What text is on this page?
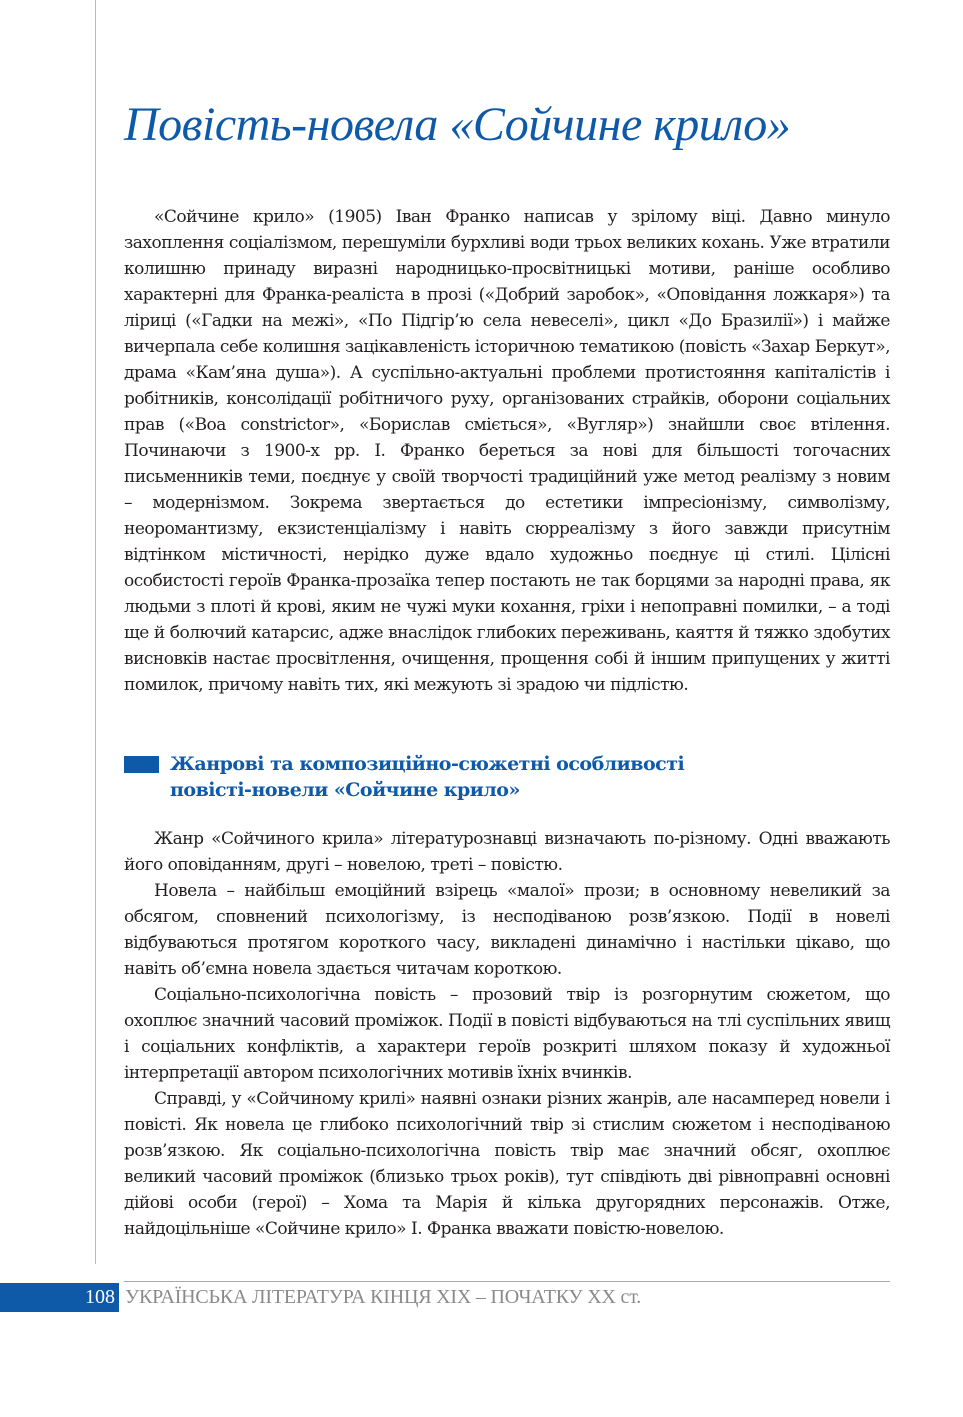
Повість-новела «Сойчине крило»

«Сойчине крило» (1905) Іван Франко написав у зрілому віці. Давно минуло захоплення соціалізмом, перешуміли бурхливі води трьох великих кохань. Уже втратили колишню принаду виразні народницько-просвітницькі мотиви, раніше особливо характерні для Франка-реаліста в прозі («Добрий заробок», «Оповідання ложкаря») та ліриці («Гадки на межі», «По Підгір’ю села невеселі», цикл «До Бразилії») і майже вичерпала себе колишня зацікавленість історичною тематикою (повість «Захар Беркут», драма «Кам’яна душа»). А суспільно-актуальні проблеми протистояння капіталістів і робітників, консолідації робітничого руху, організованих страйків, оборони соціальних прав («Boa constrictor», «Борислав сміється», «Вугляр») знайшли своє втілення. Починаючи з 1900-х рр. І. Франко береться за нові для більшості тогочасних письменників теми, поєднує у своїй творчості традиційний уже метод реалізму з новим – модернізмом. Зокрема звертається до естетики імпресіонізму, символізму, неоромантизму, екзистенціалізму і навіть сюрреалізму з його завжди присутнім відтінком містичності, нерідко дуже вдало художньо поєднує ці стилі. Цілісні особистості героїв Франка-прозаїка тепер постають не так борцями за народні права, як людьми з плоті й крові, яким не чужі муки кохання, гріхи і непоправні помилки, – а тоді ще й болючий катарсис, адже внаслідок глибоких переживань, каяття й тяжко здобутих висновків настає просвітлення, очищення, прощення собі й іншим припущених у житті помилок, причому навіть тих, які межують зі зрадою чи підлістю.

Жанрові та композиційно-сюжетні особливості
повісті-новели «Сойчине крило»

Жанр «Сойчиного крила» літературознавці визначають по-різному. Одні вважають його оповіданням, другі – новелою, треті – повістю.

Новела – найбільш емоційний взірець «малої» прози; в основному невеликий за обсягом, сповнений психологізму, із несподіваною розв’язкою. Події в новелі відбуваються протягом короткого часу, викладені динамічно і настільки цікаво, що навіть об’ємна новела здається читачам короткою.

Соціально-психологічна повість – прозовий твір із розгорнутим сюжетом, що охоплює значний часовий проміжок. Події в повісті відбуваються на тлі суспільних явищ і соціальних конфліктів, а характери героїв розкриті шляхом показу й художньої інтерпретації автором психологічних мотивів їхніх вчинків.

Справді, у «Сойчиному крилі» наявні ознаки різних жанрів, але насамперед новели і повісті. Як новела це глибоко психологічний твір зі стислим сюжетом і несподіваною розв’язкою. Як соціально-психологічна повість твір має значний обсяг, охоплює великий часовий проміжок (близько трьох років), тут співдіють дві рівноправні основні дійові особи (герої) – Хома та Марія й кілька другорядних персонажів. Отже, найдоцільніше «Сойчине крило» І. Франка вважати повістю-новелою.

108 УКРАЇНСЬКА ЛІТЕРАТУРА КІНЦЯ ХІХ – ПОЧАТКУ ХХ ст.
